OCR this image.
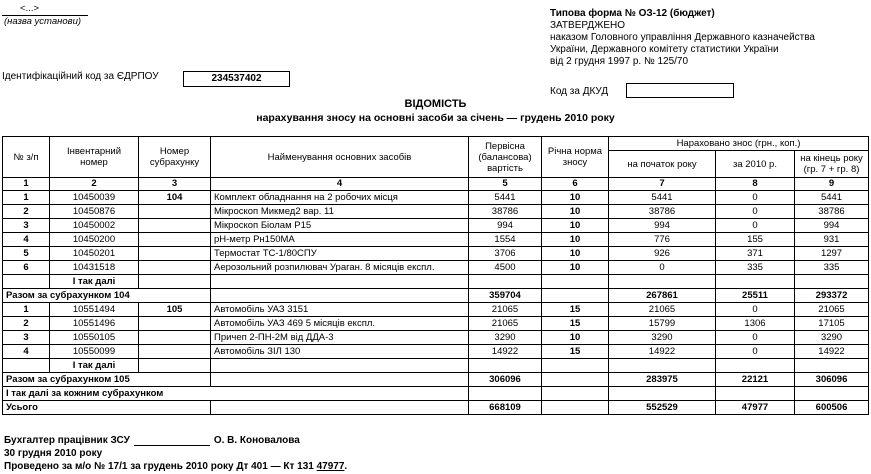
<...>
(назва установи)
Типова форма № ОЗ-12 (бюджет)
ЗАТВЕРДЖЕНО
наказом Головного управління Державного казначейства
України, Державного комітету статистики України
від 2 грудня 1997 р. № 125/70
Ідентифікаційний код за ЄДРПОУ	234537402
Код за ДКУД
ВІДОМІСТЬ
нарахування зносу на основні засоби за січень — грудень 2010 року
№ з/п	Інвентарний номер	Номер субрахунку	Найменування основних засобів	Первісна (балансова) вартість	Річна норма зносу	Нараховано знос (грн., коп.)		
						на початок року	за 2010 р.	на кінець року (гр. 7 + гр. 8)
1	2	3	4	5	6	7	8	9
1	10450039	104	Комплект обладнання на 2 робочих місця	5441	10	5441	0	5441
2	10450876		Мікроскоп Микмед2 вар. 11	38786	10	38786	0	38786
3	10450002		Мікроскоп Біолам Р15	994	10	994	0	994
4	10450200		рН-метр Рн150МА	1554	10	776	155	931
5	10450201		Термостат ТС-1/80СПУ	3706	10	926	371	1297
6	10431518		Аерозольний розпилювач Ураган. 8 місяців експл.	4500	10	0	335	335
	І так далі							
Разом за субрахунком 104				359704		267861	25511	293372
1	10551494	105	Автомобіль УАЗ 3151	21065	15	21065	0	21065
2	10551496		Автомобіль УАЗ 469 5 місяців експл.	21065	15	15799	1306	17105
3	10550105		Причеп 2-ПН-2М від ДДА-3	3290	10	3290	0	3290
4	10550099		Автомобіль ЗІЛ 130	14922	15	14922	0	14922
	І так далі							
Разом за субрахунком 105				306096		283975	22121	306096
І так далі за кожним субрахунком								
Усього				668109		552529	47977	600506
Бухгалтер працівник ЗСУ	О. В. Коновалова
30 грудня 2010 року
Проведено за м/о № 17/1 за грудень 2010 року Дт 401 — Кт 131 47977.
